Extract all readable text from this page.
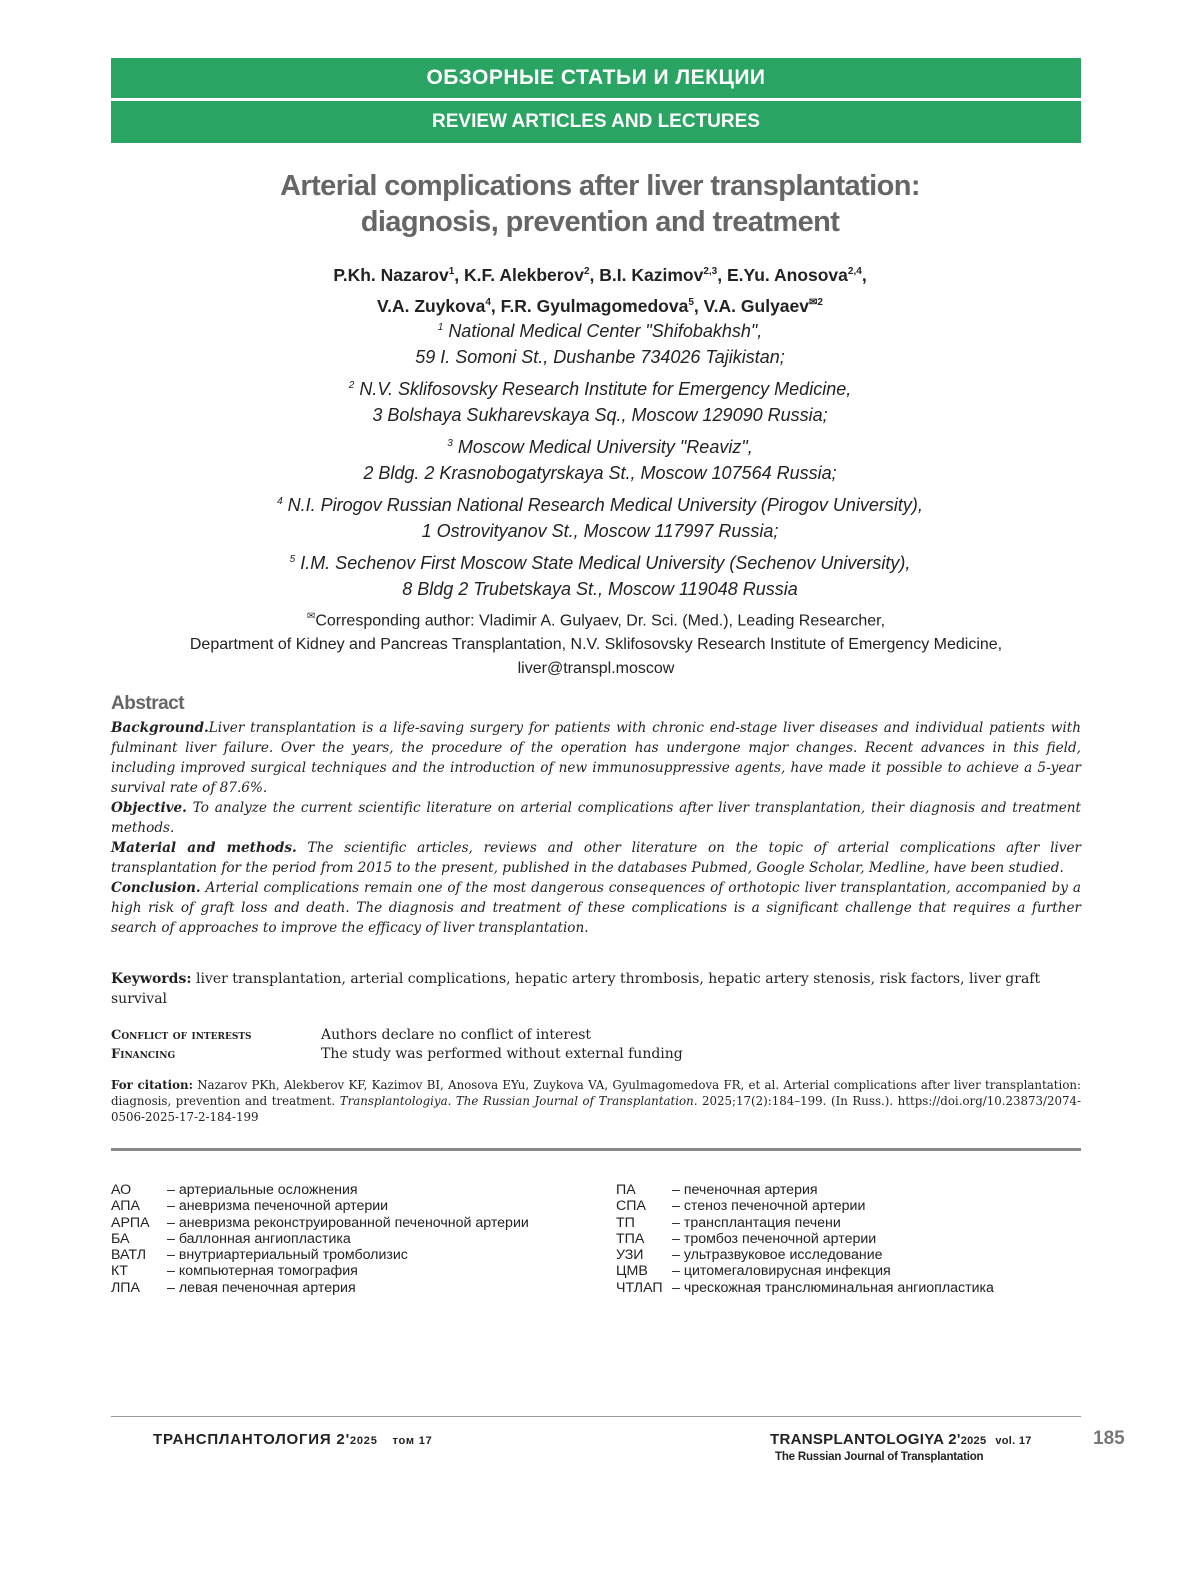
ОБЗОРНЫЕ СТАТЬИ И ЛЕКЦИИ
REVIEW ARTICLES AND LECTURES
Arterial complications after liver transplantation:
diagnosis, prevention and treatment
P.Kh. Nazarov$^1$, K.F. Alekberov$^2$, B.I. Kazimov$^{2,3}$, E.Yu. Anosova$^{2,4}$,
V.A. Zuykova$^4$, F.R. Gyulmagomedova$^5$, V.A. Gulyaev$^{✉2}$
$^1$ National Medical Center "Shifobakhsh",
59 I. Somoni St., Dushanbe 734026 Tajikistan;
$^2$ N.V. Sklifosovsky Research Institute for Emergency Medicine,
3 Bolshaya Sukharevskaya Sq., Moscow 129090 Russia;
$^3$ Moscow Medical University "Reaviz",
2 Bldg. 2 Krasnobogatyrskaya St., Moscow 107564 Russia;
$^4$ N.I. Pirogov Russian National Research Medical University (Pirogov University),
1 Ostrovityanov St., Moscow 117997 Russia;
$^5$ I.M. Sechenov First Moscow State Medical University (Sechenov University),
8 Bldg 2 Trubetskaya St., Moscow 119048 Russia
✉Corresponding author: Vladimir A. Gulyaev, Dr. Sci. (Med.), Leading Researcher,
Department of Kidney and Pancreas Transplantation, N.V. Sklifosovsky Research Institute of Emergency Medicine,
liver@transpl.moscow
Abstract

Background.Liver transplantation is a life-saving surgery for patients with chronic end-stage liver diseases and individual patients with fulminant liver failure. Over the years, the procedure of the operation has undergone major changes. Recent advances in this field, including improved surgical techniques and the introduction of new immunosuppressive agents, have made it possible to achieve a 5-year survival rate of 87.6%.

Objective. To analyze the current scientific literature on arterial complications after liver transplantation, their diagnosis and treatment methods.

Material and methods. The scientific articles, reviews and other literature on the topic of arterial complications after liver transplantation for the period from 2015 to the present, published in the databases Pubmed, Google Scholar, Medline, have been studied.

Conclusion. Arterial complications remain one of the most dangerous consequences of orthotopic liver transplantation, accompanied by a high risk of graft loss and death. The diagnosis and treatment of these complications is a significant challenge that requires a further search of approaches to improve the efficacy of liver transplantation.

Keywords: liver transplantation, arterial complications, hepatic artery thrombosis, hepatic artery stenosis, risk factors, liver graft survival
Conflict of interests	Authors declare no conflict of interest
Financing	The study was performed without external funding
For citation: Nazarov PKh, Alekberov KF, Kazimov BI, Anosova EYu, Zuykova VA, Gyulmagomedova FR, et al. Arterial complications after liver transplantation: diagnosis, prevention and treatment. Transplantologiya. The Russian Journal of Transplantation. 2025;17(2):184–199. (In Russ.). https://doi.org/10.23873/2074-0506-2025-17-2-184-199
АО	– артериальные осложнения
АПА	– аневризма печеночной артерии
АРПА	– аневризма реконструированной печеночной артерии
БА	– баллонная ангиопластика
ВАТЛ	– внутриартериальный тромболизис
КТ	– компьютерная томография
ЛПА	– левая печеночная артерия
ПА	– печеночная артерия
СПА	– стеноз печеночной артерии
ТП	– трансплантация печени
ТПА	– тромбоз печеночной артерии
УЗИ	– ультразвуковое исследование
ЦМВ	– цитомегаловирусная инфекция
ЧТЛАП – чрескожная транслюминальная ангиопластика
ТРАНСПЛАНТОЛОГИЯ 2'2025 том 17	TRANSPLANTOLOGIYA 2'2025 vol. 17
The Russian Journal of Transplantation
185
